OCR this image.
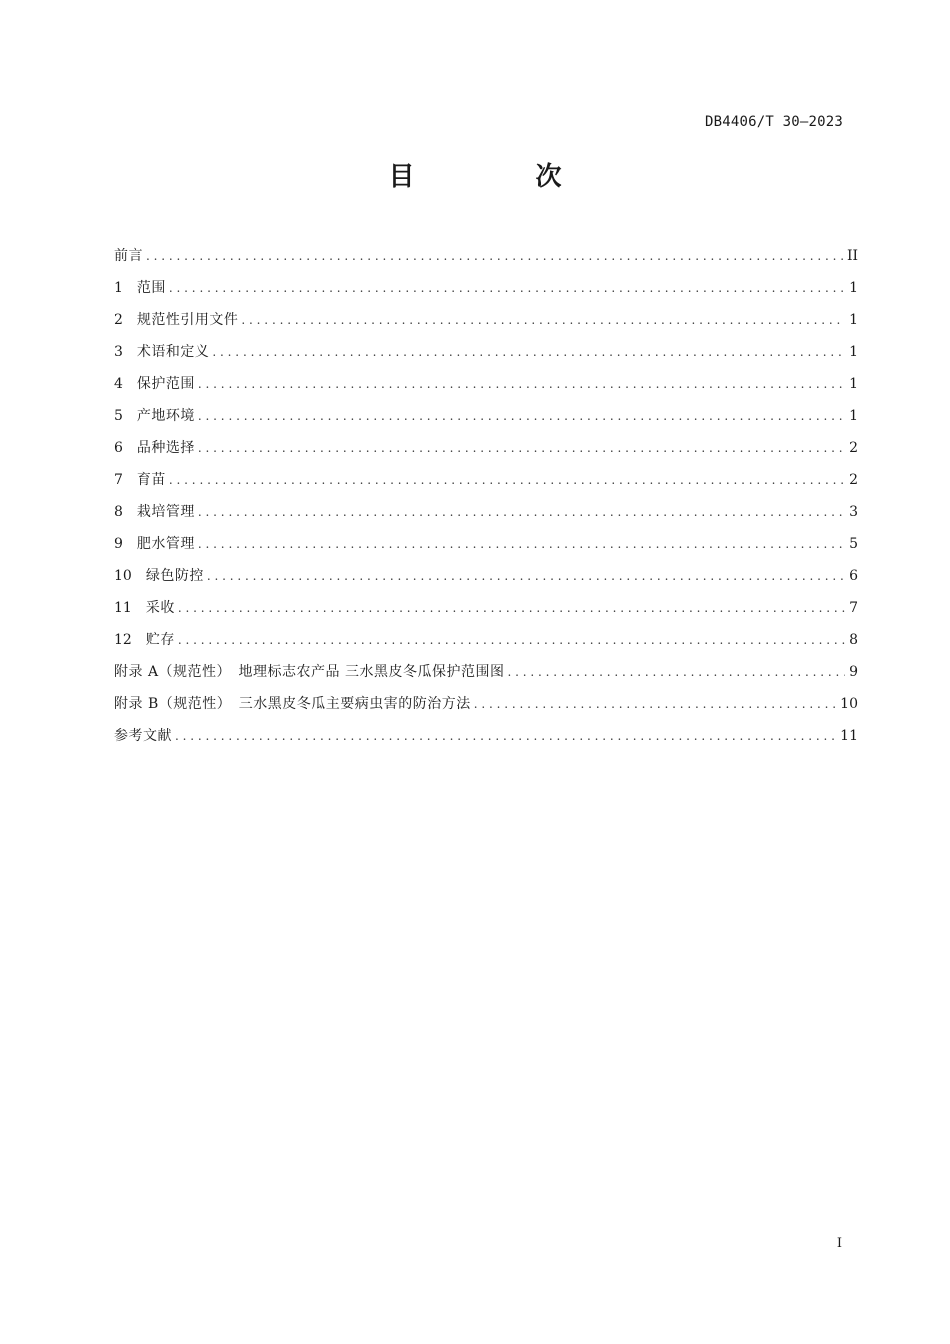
DB4406/T 30—2023
目 次
前言 . . .	II
1 范围 . . .	1
2 规范性引用文件 . . .	1
3 术语和定义 . . .	1
4 保护范围 . . .	1
5 产地环境 . . .	1
6 品种选择 . . .	2
7 育苗 . . .	2
8 栽培管理 . . .	3
9 肥水管理 . . .	5
10 绿色防控 . . .	6
11 采收 . . .	7
12 贮存 . . .	8
附录 A（规范性）　地理标志农产品 三水黑皮冬瓜保护范围图 . . .	9
附录 B（规范性）　三水黑皮冬瓜主要病虫害的防治方法 . . .	10
参考文献 . . .	11
I
